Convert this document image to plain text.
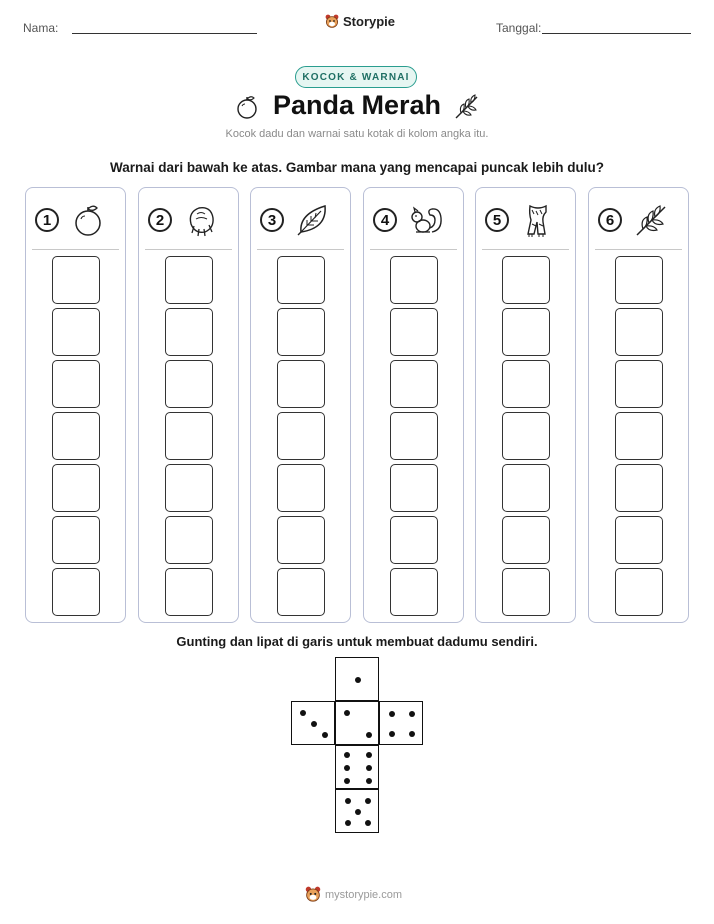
Nama:	Storypie	Tanggal:
KOCOK & WARNAI
Panda Merah
Kocok dadu dan warnai satu kotak di kolom angka itu.
Warnai dari bawah ke atas. Gambar mana yang mencapai puncak lebih dulu?
1	2	3	4	5	6
Gunting dan lipat di garis untuk membuat dadumu sendiri.
mystorypie.com
